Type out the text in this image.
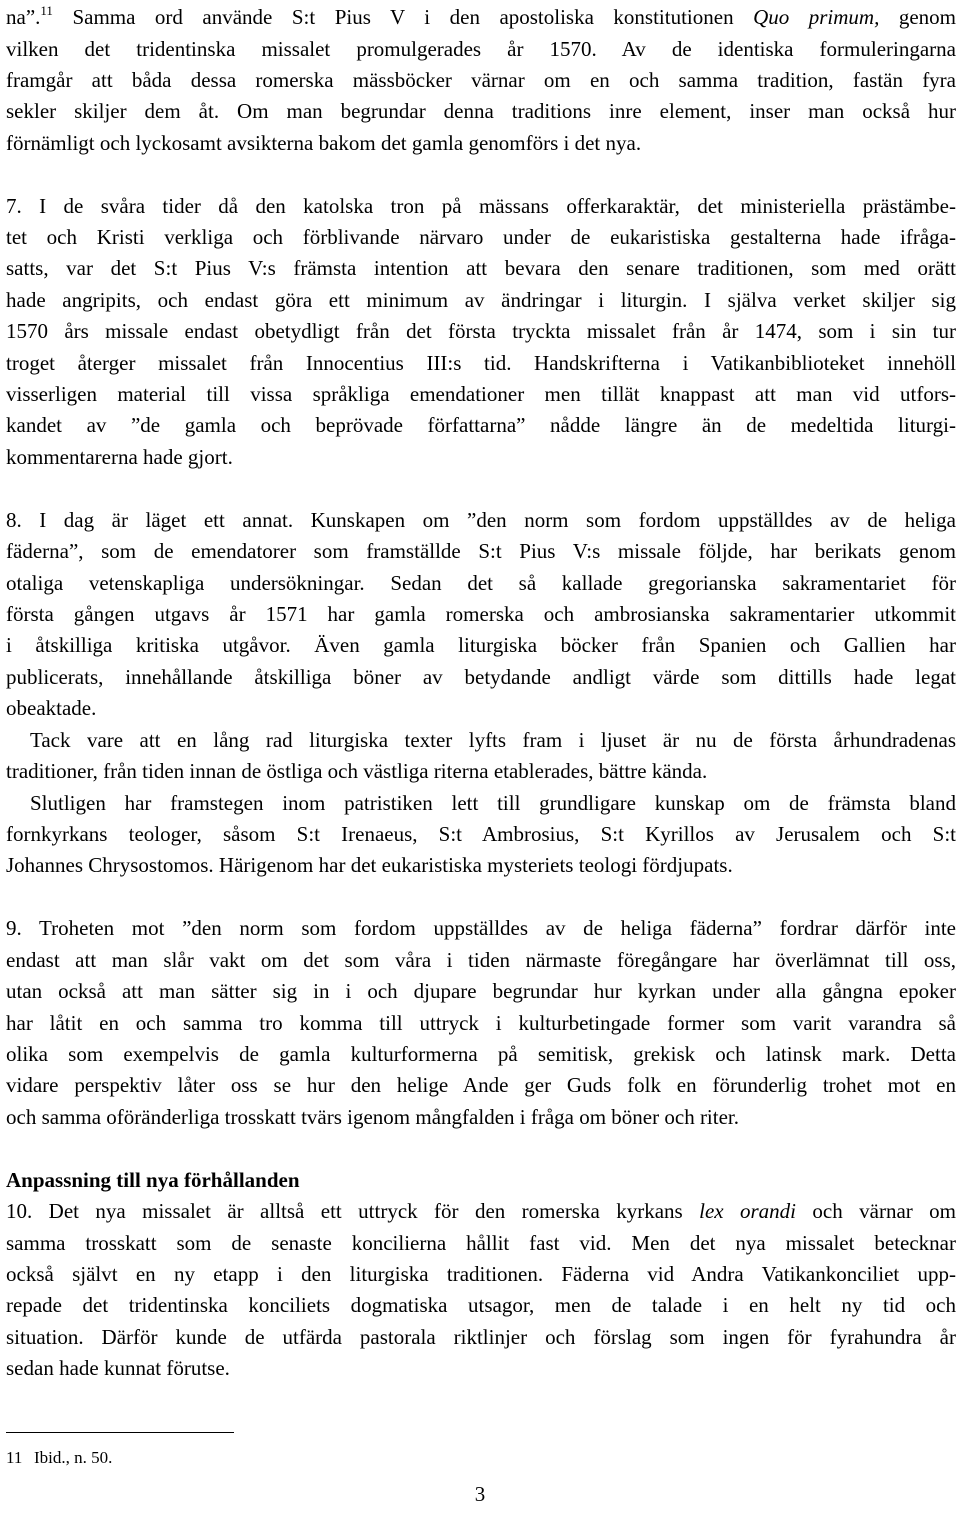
na”.$^{11}$ Samma ord använde S:t Pius V i den apostoliska konstitutionen Quo primum, genom
vilken det tridentinska missalet promulgerades år 1570. Av de identiska formuleringarna
framgår att båda dessa romerska mässböcker värnar om en och samma tradition, fastän fyra
sekler skiljer dem åt. Om man begrundar denna traditions inre element, inser man också hur
förnämligt och lyckosamt avsikterna bakom det gamla genomförs i det nya.
7. I de svåra tider då den katolska tron på mässans offerkaraktär, det ministeriella prästämbe-
tet och Kristi verkliga och förblivande närvaro under de eukaristiska gestalterna hade ifråga-
satts, var det S:t Pius V:s främsta intention att bevara den senare traditionen, som med orätt
hade angripits, och endast göra ett minimum av ändringar i liturgin. I själva verket skiljer sig
1570 års missale endast obetydligt från det första tryckta missalet från år 1474, som i sin tur
troget återger missalet från Innocentius III:s tid. Handskrifterna i Vatikanbiblioteket innehöll
visserligen material till vissa språkliga emendationer men tillät knappast att man vid utfors-
kandet av ”de gamla och beprövade författarna” nådde längre än de medeltida liturgi-
kommentarerna hade gjort.
8. I dag är läget ett annat. Kunskapen om ”den norm som fordom uppställdes av de heliga
fäderna”, som de emendatorer som framställde S:t Pius V:s missale följde, har berikats genom
otaliga vetenskapliga undersökningar. Sedan det så kallade gregorianska sakramentariet för
första gången utgavs år 1571 har gamla romerska och ambrosianska sakramentarier utkommit
i åtskilliga kritiska utgåvor. Även gamla liturgiska böcker från Spanien och Gallien har
publicerats, innehållande åtskilliga böner av betydande andligt värde som dittills hade legat
obeaktade.
Tack vare att en lång rad liturgiska texter lyfts fram i ljuset är nu de första århundradenas
traditioner, från tiden innan de östliga och västliga riterna etablerades, bättre kända.
Slutligen har framstegen inom patristiken lett till grundligare kunskap om de främsta bland
fornkyrkans teologer, såsom S:t Irenaeus, S:t Ambrosius, S:t Kyrillos av Jerusalem och S:t
Johannes Chrysostomos. Härigenom har det eukaristiska mysteriets teologi fördjupats.
9. Troheten mot ”den norm som fordom uppställdes av de heliga fäderna” fordrar därför inte
endast att man slår vakt om det som våra i tiden närmaste föregångare har överlämnat till oss,
utan också att man sätter sig in i och djupare begrundar hur kyrkan under alla gångna epoker
har låtit en och samma tro komma till uttryck i kulturbetingade former som varit varandra så
olika som exempelvis de gamla kulturformerna på semitisk, grekisk och latinsk mark. Detta
vidare perspektiv låter oss se hur den helige Ande ger Guds folk en förunderlig trohet mot en
och samma oföränderliga trosskatt tvärs igenom mångfalden i fråga om böner och riter.
Anpassning till nya förhållanden
10. Det nya missalet är alltså ett uttryck för den romerska kyrkans lex orandi och värnar om
samma trosskatt som de senaste koncilierna hållit fast vid. Men det nya missalet betecknar
också självt en ny etapp i den liturgiska traditionen. Fäderna vid Andra Vatikankonciliet upp-
repade det tridentinska konciliets dogmatiska utsagor, men de talade i en helt ny tid och
situation. Därför kunde de utfärda pastorala riktlinjer och förslag som ingen för fyrahundra år
sedan hade kunnat förutse.
11 Ibid., n. 50.
3
